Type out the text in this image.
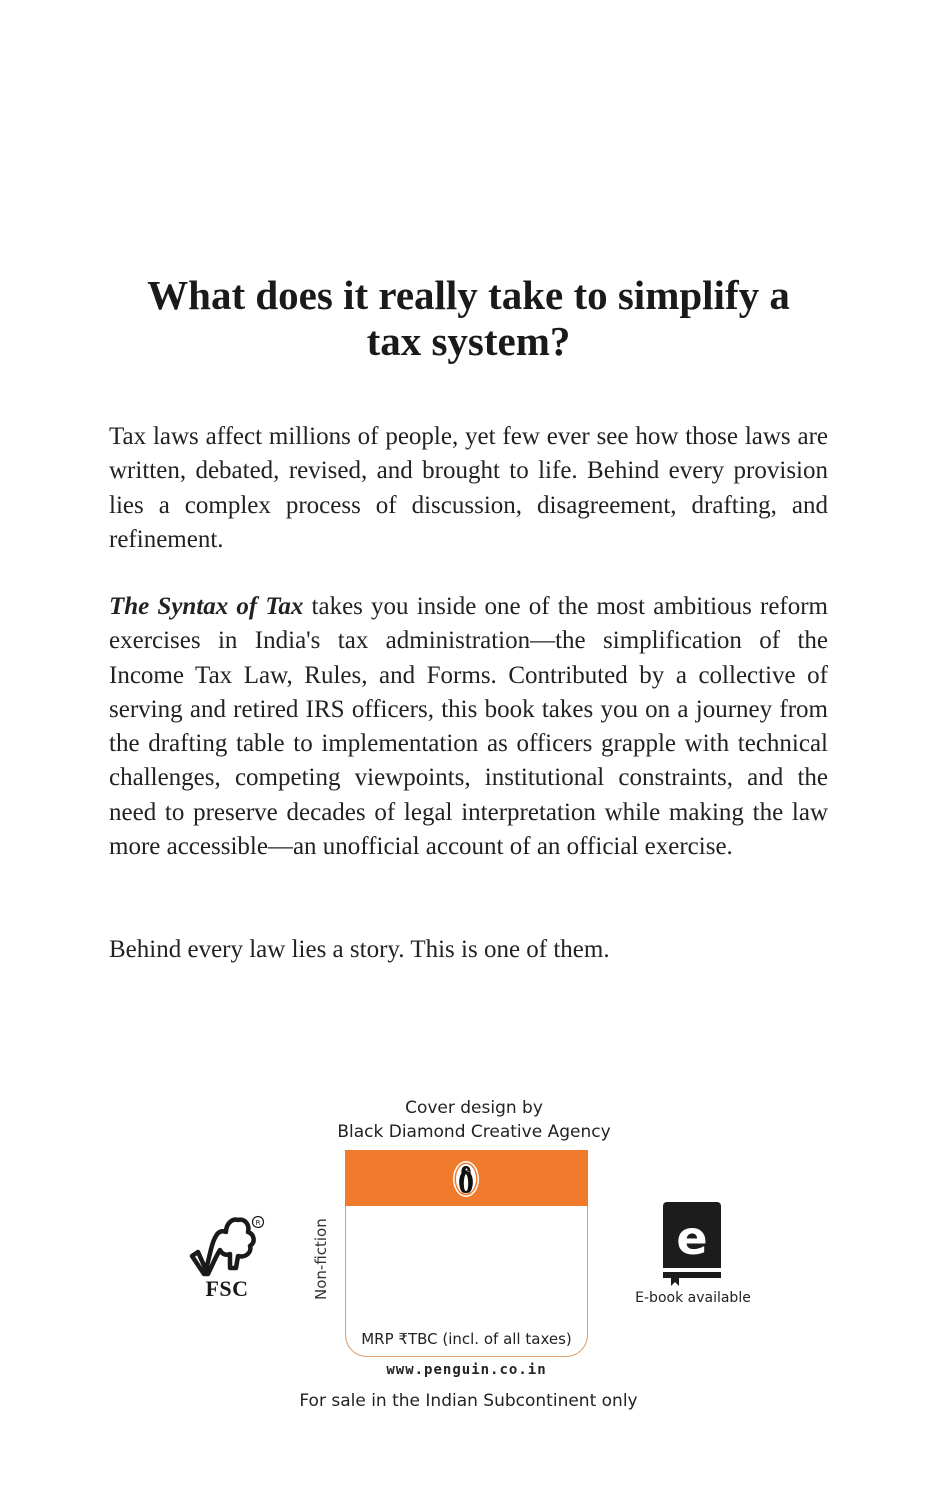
What does it really take to simplify a
tax system?

Tax laws affect millions of people, yet few ever see how those laws are written, debated, revised, and brought to life. Behind every provision lies a complex process of discussion, disagreement, drafting, and refinement.

The Syntax of Tax takes you inside one of the most ambitious reform exercises in India's tax administration—the simplification of the Income Tax Law, Rules, and Forms. Contributed by a collective of serving and retired IRS officers, this book takes you on a journey from the drafting table to implementation as officers grapple with technical challenges, competing viewpoints, institutional constraints, and the need to preserve decades of legal interpretation while making the law more accessible—an unofficial account of an official exercise.

Behind every law lies a story. This is one of them.

Cover design by
Black Diamond Creative Agency
Non-fiction
MRP ₹TBC (incl. of all taxes)
www.penguin.co.in
For sale in the Indian Subcontinent only
R
FSC
e
E-book available
